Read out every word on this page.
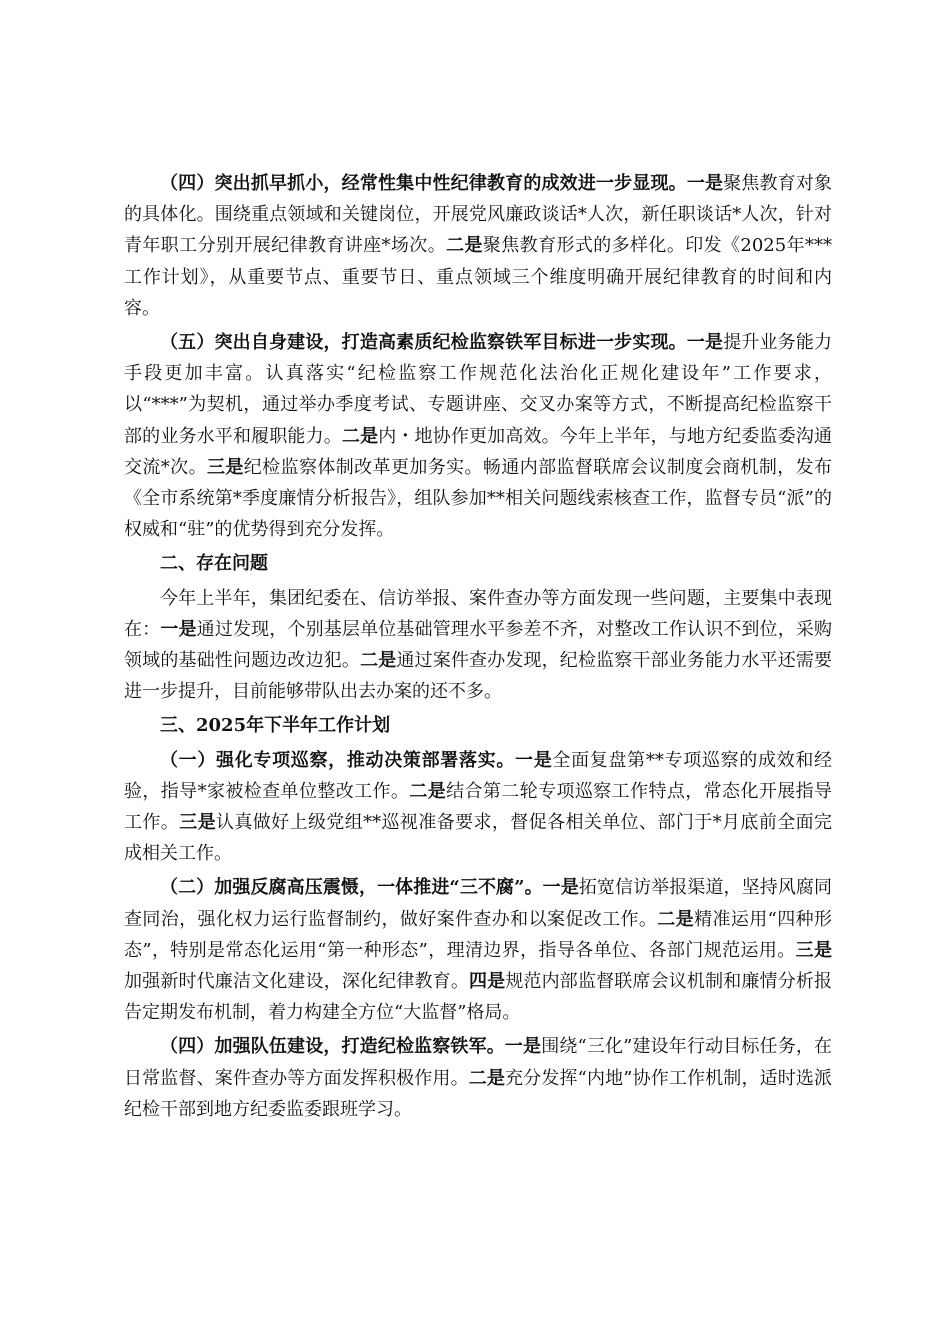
（四）突出抓早抓小，经常性集中性纪律教育的成效进一步显现。一是聚焦教育对象的具体化。围绕重点领域和关键岗位，开展党风廉政谈话*人次，新任职谈话*人次，针对青年职工分别开展纪律教育讲座*场次。二是聚焦教育形式的多样化。印发《2025年***工作计划》，从重要节点、重要节日、重点领域三个维度明确开展纪律教育的时间和内容。

（五）突出自身建设，打造高素质纪检监察铁军目标进一步实现。一是提升业务能力手段更加丰富。认真落实“纪检监察工作规范化法治化正规化建设年”工作要求，以“***”为契机，通过举办季度考试、专题讲座、交叉办案等方式，不断提高纪检监察干部的业务水平和履职能力。二是内・地协作更加高效。今年上半年，与地方纪委监委沟通交流*次。三是纪检监察体制改革更加务实。畅通内部监督联席会议制度会商机制，发布《全市系统第*季度廉情分析报告》，组队参加**相关问题线索核查工作，监督专员“派”的权威和“驻”的优势得到充分发挥。

二、存在问题

今年上半年，集团纪委在、信访举报、案件查办等方面发现一些问题，主要集中表现在：一是通过发现，个别基层单位基础管理水平参差不齐，对整改工作认识不到位，采购领域的基础性问题边改边犯。二是通过案件查办发现，纪检监察干部业务能力水平还需要进一步提升，目前能够带队出去办案的还不多。

三、2025年下半年工作计划

（一）强化专项巡察，推动决策部署落实。一是全面复盘第**专项巡察的成效和经验，指导*家被检查单位整改工作。二是结合第二轮专项巡察工作特点，常态化开展指导工作。三是认真做好上级党组**巡视准备要求，督促各相关单位、部门于*月底前全面完成相关工作。

（二）加强反腐高压震慑，一体推进“三不腐”。一是拓宽信访举报渠道，坚持风腐同查同治，强化权力运行监督制约，做好案件查办和以案促改工作。二是精准运用“四种形态”，特别是常态化运用“第一种形态”，理清边界，指导各单位、各部门规范运用。三是加强新时代廉洁文化建设，深化纪律教育。四是规范内部监督联席会议机制和廉情分析报告定期发布机制，着力构建全方位“大监督”格局。

（四）加强队伍建设，打造纪检监察铁军。一是围绕“三化”建设年行动目标任务，在日常监督、案件查办等方面发挥积极作用。二是充分发挥“内地”协作工作机制，适时选派纪检干部到地方纪委监委跟班学习。
